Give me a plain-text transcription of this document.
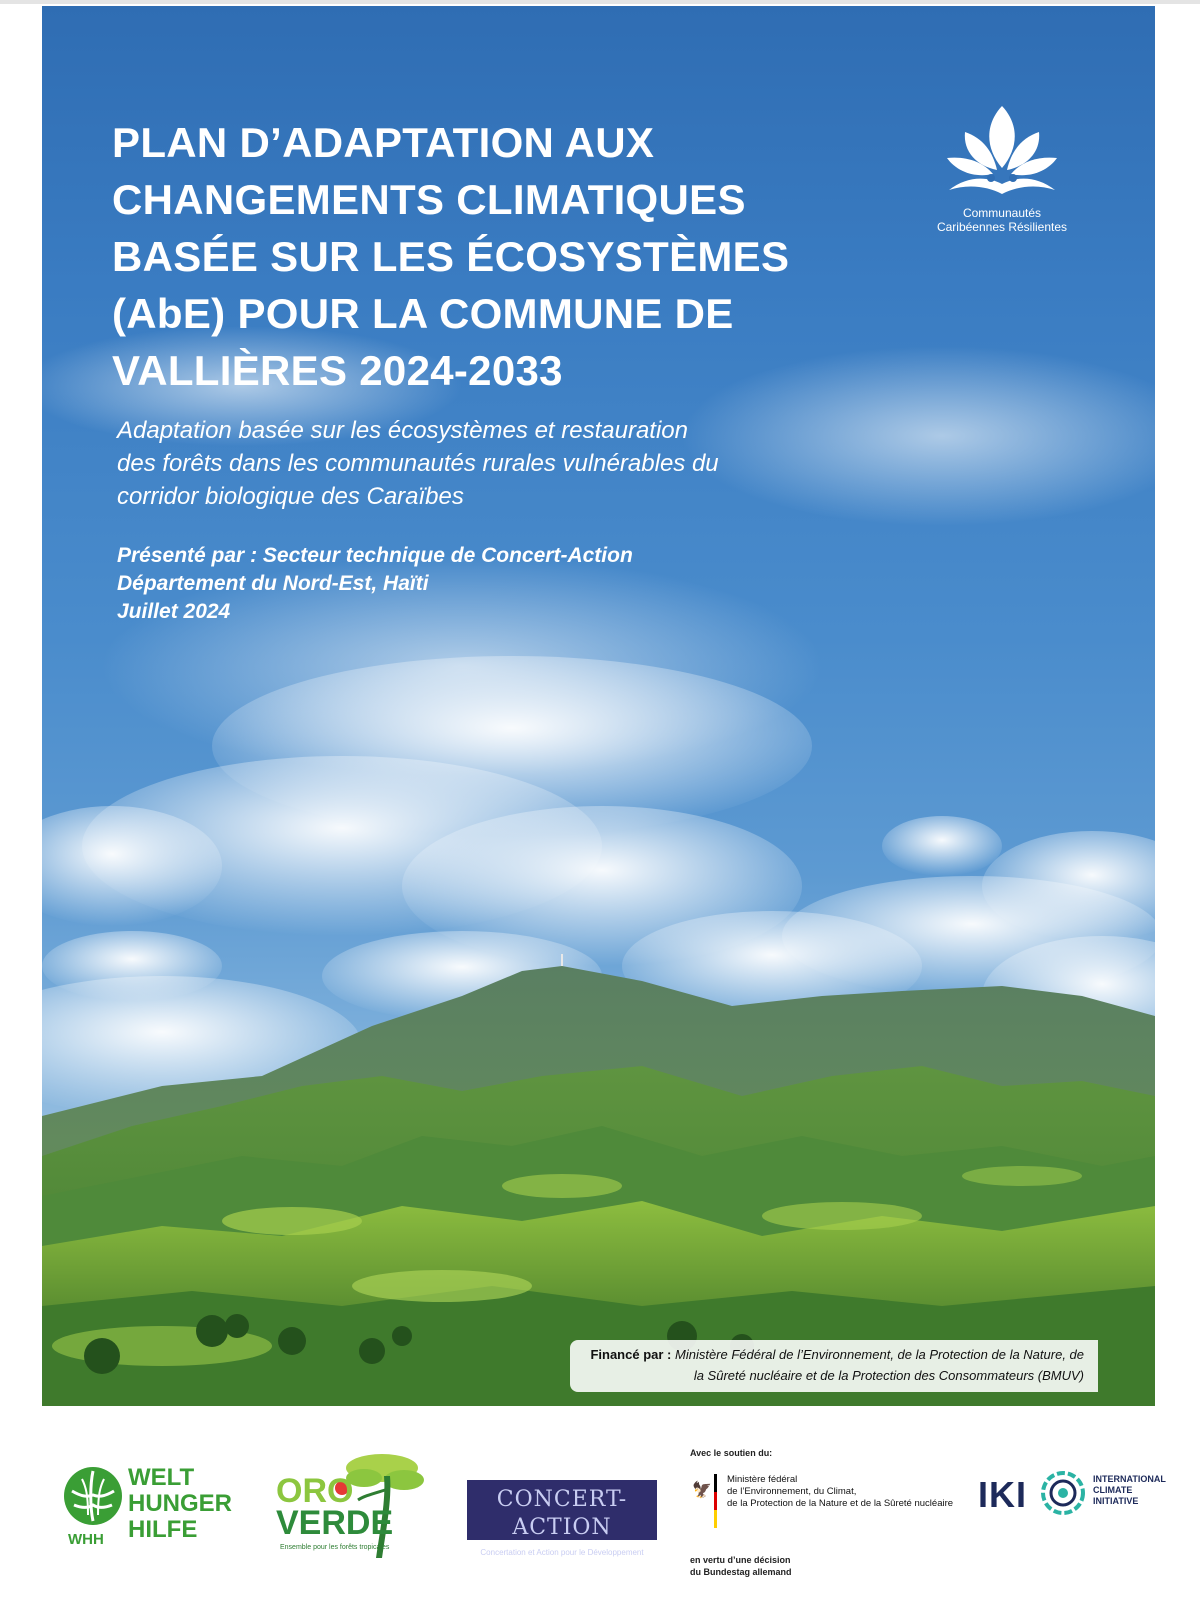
PLAN D’ADAPTATION AUX
CHANGEMENTS CLIMATIQUES
BASÉE SUR LES ÉCOSYSTÈMES
(AbE) POUR LA COMMUNE DE
VALLIÈRES 2024-2033
Adaptation basée sur les écosystèmes et restauration
des forêts dans les communautés rurales vulnérables du
corridor biologique des Caraïbes
Présenté par : Secteur technique de Concert-Action
Département du Nord-Est, Haïti
Juillet 2024
Communautés
Caribéennes Résilientes
Financé par : Ministère Fédéral de l’Environnement, de la Protection de la Nature, de
la Sûreté nucléaire et de la Protection des Consommateurs (BMUV)
WELT
HUNGER
HILFE
WHH
ORO
VERDE
Ensemble pour les forêts tropicales
CONCERT-ACTION
Concertation et Action pour le Développement
Avec le soutien du:
🦅
Ministère fédéral
de l’Environnement, du Climat,
de la Protection de la Nature et de la Sûreté nucléaire
en vertu d’une décision
du Bundestag allemand
IKI	INTERNATIONAL
CLIMATE
INITIATIVE
